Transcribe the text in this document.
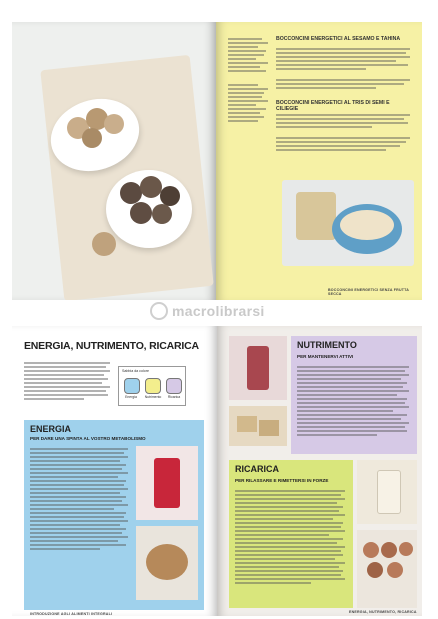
BOCCONCINI ENERGETICI AL SESAMO E TAHINA
BOCCONCINI ENERGETICI AL TRIS DI SEMI E CILIEGIE
BOCCONCINI ENERGETICI SENZA FRUTTA SECCA
macrolibrarsi
ENERGIA, NUTRIMENTO, RICARICA
Sabbia da colore
Energia	Nutrimento	Ricarica
ENERGIA
PER DARE UNA SPINTA AL VOSTRO METABOLISMO
INTRODUZIONE AGLI ALIMENTI INTEGRALI
NUTRIMENTO
PER MANTENERVI ATTIVI
RICARICA
PER RILASSARE E RIMETTERSI IN FORZE
ENERGIA, NUTRIMENTO, RICARICA
